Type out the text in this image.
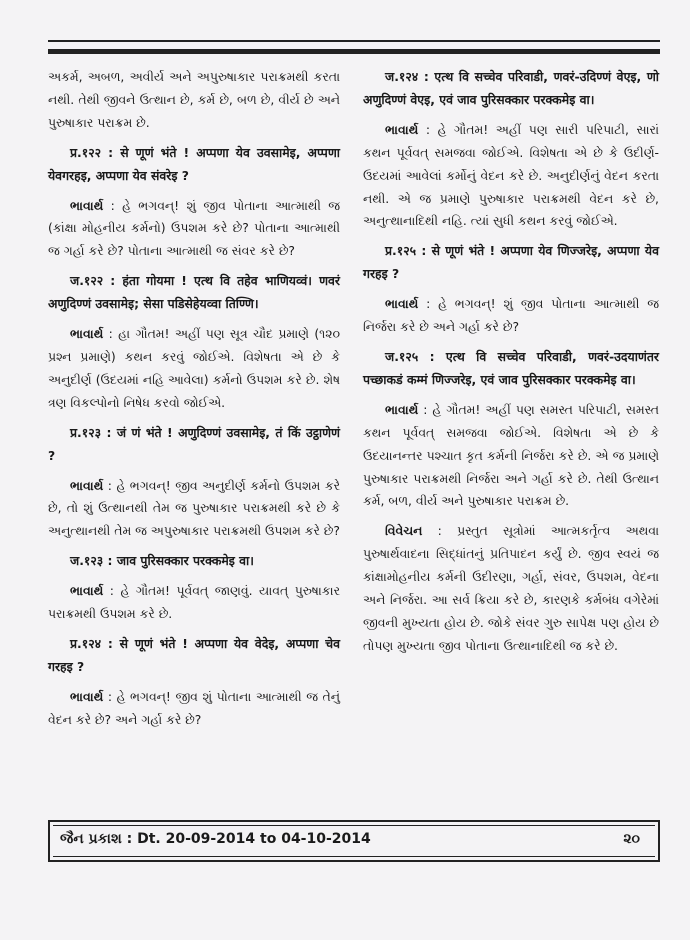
અકર્મ, અબળ, અવીર્ય અને અપુરુષાકાર પરાક્રમથી કરતા નથી. તેથી જીવને ઉત્થાન છે, કર્મ છે, બળ છે, વીર્ય છે અને પુરુષાકાર પરાક્રમ છે.

प्र.१२२ : से णूणं भंते ! अप्पणा येव उवसामेइ, अप्पणा येवगरहइ, अप्पणा येव संवरेइ ?

ભાવાર્થ : હે ભગવન્! શું જીવ પોતાના આત્માથી જ (કાંક્ષા મોહનીય કર્મનો) ઉપશમ કરે છે? પોતાના આત્માથી જ ગર્હા કરે છે? પોતાના આત્માથી જ સંવર કરે છે?

ज.१२२ : हंता गोयमा ! एत्थ वि तहेव भाणियव्वं। णवरं अणुदिण्णं उवसामेइ; सेसा पडिसेहेयव्वा तिण्णि।

ભાવાર્થ : હા ગૌતમ! અહીં પણ સૂત્ર ચૌદ પ્રમાણે (૧૨૦ પ્રશ્ન પ્રમાણે) કથન કરવું જોઈએ. વિશેષતા એ છે કે અનુદીર્ણ (ઉદયમાં નહિ આવેલા) કર્મનો ઉપશમ કરે છે. શેષ ત્રણ વિકલ્પોનો નિષેધ કરવો જોઈએ.

प्र.१२३ : जं णं भंते ! अणुदिण्णं उवसामेइ, तं किं उट्ठाणेणं ?

ભાવાર્થ : હે ભગવન્! જીવ અનુદીર્ણ કર્મનો ઉપશમ કરે છે, તો શું ઉત્થાનથી તેમ જ પુરુષાકાર પરાક્રમથી કરે છે કે અનુત્થાનથી તેમ જ અપુરુષાકાર પરાક્રમથી ઉપશમ કરે છે?

ज.१२३ : जाव पुरिसक्कार परक्कमेइ वा।

ભાવાર્થ : હે ગૌતમ! પૂર્વવત્ જાણવું. યાવત્ પુરુષાકાર પરાક્રમથી ઉપશમ કરે છે.

प्र.१२४ : से णूणं भंते ! अप्पणा येव वेदेइ, अप्पणा चेव गरहइ ?

ભાવાર્થ : હે ભગવન્! જીવ શું પોતાના આત્માથી જ તેનું વેદન કરે છે? અને ગર્હા કરે છે?

ज.१२४ : एत्थ वि सच्चेव परिवाडी, णवरं-उदिण्णं वेएइ, णो अणुदिण्णं वेएइ, एवं जाव पुरिसक्कार परक्कमेइ वा।

ભાવાર્થ : હે ગૌતમ! અહીં પણ સારી પરિપાટી, સારાં કથન પૂર્વવત્ સમજવા જોઈએ. વિશેષતા એ છે કે ઉદીર્ણ-ઉદયમાં આવેલાં કર્મોનું વેદન કરે છે. અનુદીર્ણનું વેદન કરતા નથી. એ જ પ્રમાણે પુરુષાકાર પરાક્રમથી વેદન કરે છે, અનુત્થાનાદિથી નહિ. ત્યાં સુધી કથન કરવું જોઈએ.

प्र.१२५ : से णूणं भंते ! अप्पणा येव णिज्जरेइ, अप्पणा येव गरहइ ?

ભાવાર્થ : હે ભગવન્! શું જીવ પોતાના આત્માથી જ નિર્જરા કરે છે અને ગર્હા કરે છે?

ज.१२५ : एत्थ वि सच्चेव परिवाडी, णवरं-उदयाणंतर पच्छाकडं कम्मं णिज्जरेइ, एवं जाव पुरिसक्कार परक्कमेइ वा।

ભાવાર્થ : હે ગૌતમ! અહીં પણ સમસ્ત પરિપાટી, સમસ્ત કથન પૂર્વવત્ સમજવા જોઈએ. વિશેષતા એ છે કે ઉદયાનન્તર પશ્ચાત કૃત કર્મની નિર્જરા કરે છે. એ જ પ્રમાણે પુરુષાકાર પરાક્રમથી નિર્જરા અને ગર્હા કરે છે. તેથી ઉત્થાન કર્મ, બળ, વીર્ય અને પુરુષાકાર પરાક્રમ છે.

વિવેચન : પ્રસ્તુત સૂત્રોમાં આત્મકર્તૃત્વ અથવા પુરુષાર્થવાદના સિદ્ધાંતનું પ્રતિપાદન કર્યું છે. જીવ સ્વયં જ કાંક્ષામોહનીય કર્મની ઉદીરણા, ગર્હા, સંવર, ઉપશમ, વેદના અને નિર્જરા. આ સર્વ ક્રિયા કરે છે, કારણકે કર્મબંધ વગેરેમાં જીવની મુખ્યતા હોય છે. જોકે સંવર ગુરુ સાપેક્ષ પણ હોય છે તોપણ મુખ્યતા જીવ પોતાના ઉત્થાનાદિથી જ કરે છે.

જૈન પ્રકાશ : Dt. 20-09-2014 to 04-10-2014	૨૦
